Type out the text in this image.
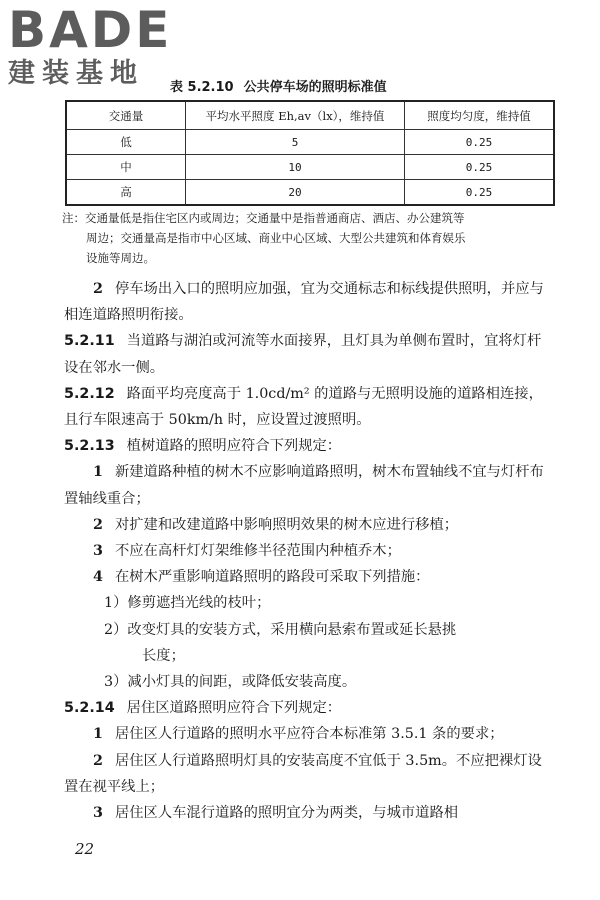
BADE
建装基地	表 5.2.10 公共停车场的照明标准值
交通量	平均水平照度 Eh,av（lx），维持值	照度均匀度，维持值
低	5	0.25
中	10	0.25
高	20	0.25
注：交通量低是指住宅区内或周边；交通量中是指普通商店、酒店、办公建筑等
周边；交通量高是指市中心区域、商业中心区域、大型公共建筑和体育娱乐
设施等周边。

2 停车场出入口的照明应加强，宜为交通标志和标线提供照明，并应与相连道路照明衔接。

5.2.11 当道路与湖泊或河流等水面接界，且灯具为单侧布置时，宜将灯杆设在邻水一侧。

5.2.12 路面平均亮度高于 1.0cd/m² 的道路与无照明设施的道路相连接，且行车限速高于 50km/h 时，应设置过渡照明。

5.2.13 植树道路的照明应符合下列规定：

1 新建道路种植的树木不应影响道路照明，树木布置轴线不宜与灯杆布置轴线重合；

2 对扩建和改建道路中影响照明效果的树木应进行移植；

3 不应在高杆灯灯架维修半径范围内种植乔木；

4 在树木严重影响道路照明的路段可采取下列措施：

1）修剪遮挡光线的枝叶；

2）改变灯具的安装方式，采用横向悬索布置或延长悬挑

长度；

3）减小灯具的间距，或降低安装高度。

5.2.14 居住区道路照明应符合下列规定：

1 居住区人行道路的照明水平应符合本标准第 3.5.1 条的要求；

2 居住区人行道路照明灯具的安装高度不宜低于 3.5m。不应把裸灯设置在视平线上；

3 居住区人车混行道路的照明宜分为两类，与城市道路相

22
